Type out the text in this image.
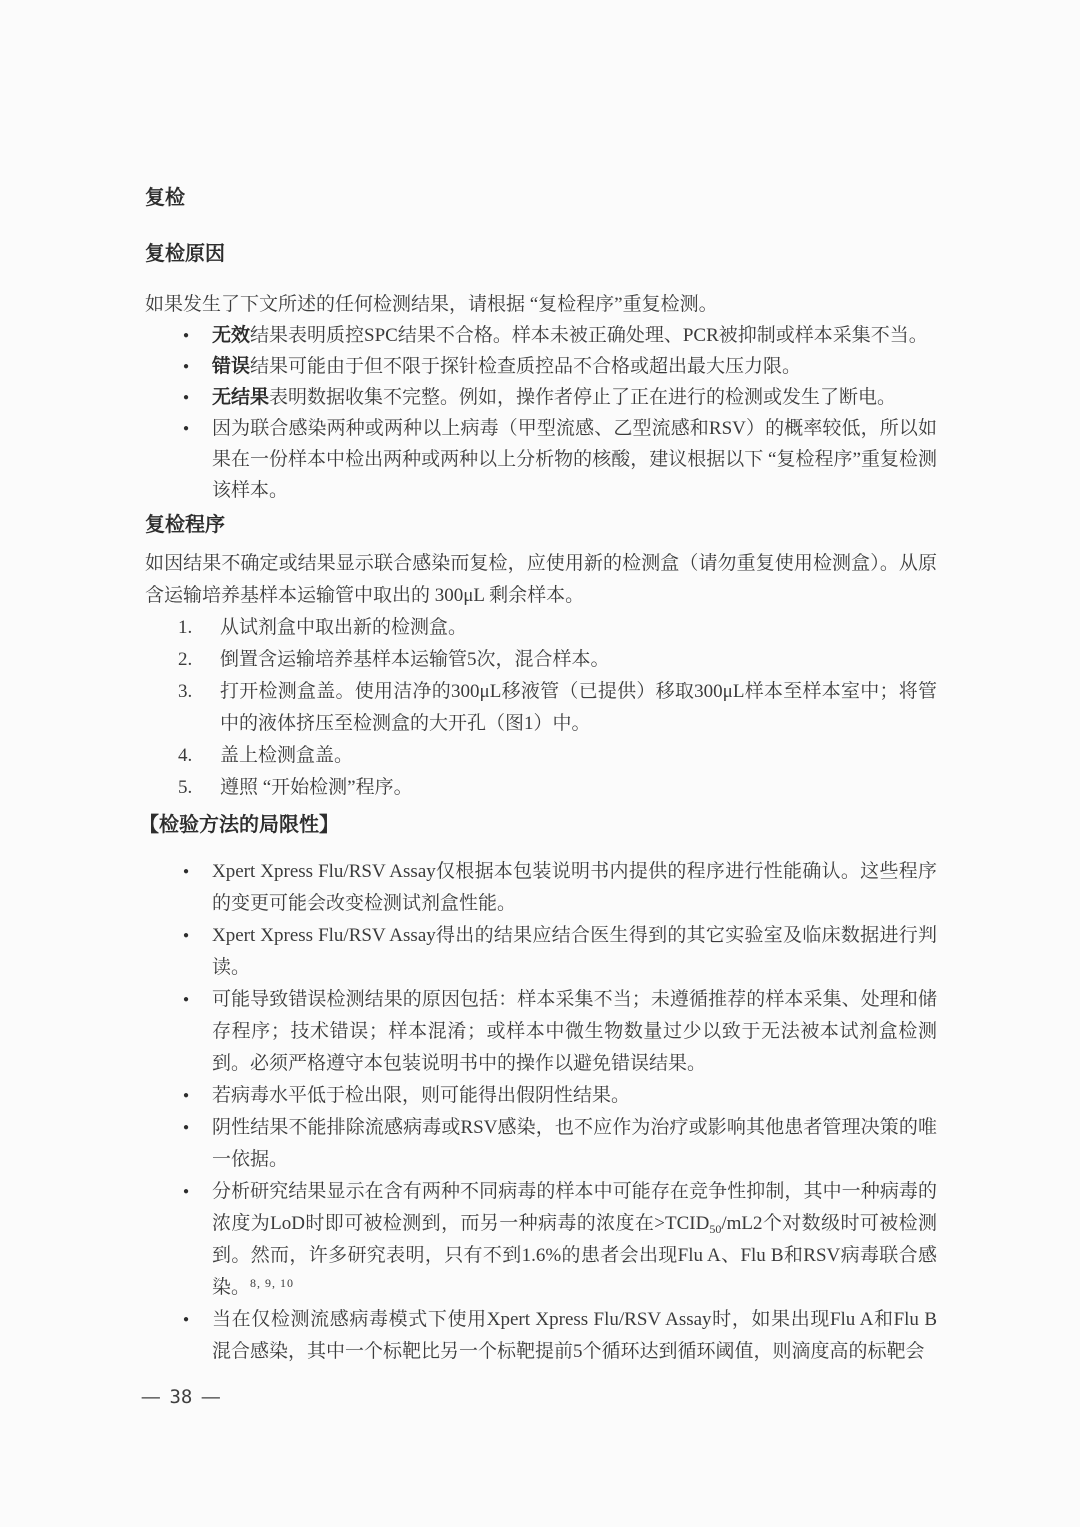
复检
复检原因

如果发生了下文所述的任何检测结果，请根据 “复检程序”重复检测。

●	无效结果表明质控SPC结果不合格。样本未被正确处理、PCR被抑制或样本采集不当。
●	错误结果可能由于但不限于探针检查质控品不合格或超出最大压力限。
●	无结果表明数据收集不完整。例如，操作者停止了正在进行的检测或发生了断电。
●	因为联合感染两种或两种以上病毒（甲型流感、乙型流感和RSV）的概率较低，所以如果在一份样本中检出两种或两种以上分析物的核酸，建议根据以下 “复检程序”重复检测该样本。
复检程序

如因结果不确定或结果显示联合感染而复检，应使用新的检测盒（请勿重复使用检测盒）。从原含运输培养基样本运输管中取出的 300μL 剩余样本。

1.	从试剂盒中取出新的检测盒。
2.	倒置含运输培养基样本运输管5次，混合样本。
3.	打开检测盒盖。使用洁净的300μL移液管（已提供）移取300μL样本至样本室中；将管中的液体挤压至检测盒的大开孔（图1）中。
4.	盖上检测盒盖。
5.	遵照 “开始检测”程序。
【检验方法的局限性】
●	Xpert Xpress Flu/RSV Assay仅根据本包装说明书内提供的程序进行性能确认。这些程序的变更可能会改变检测试剂盒性能。
●	Xpert Xpress Flu/RSV Assay得出的结果应结合医生得到的其它实验室及临床数据进行判读。
●	可能导致错误检测结果的原因包括：样本采集不当；未遵循推荐的样本采集、处理和储存程序；技术错误；样本混淆；或样本中微生物数量过少以致于无法被本试剂盒检测到。必须严格遵守本包装说明书中的操作以避免错误结果。
●	若病毒水平低于检出限，则可能得出假阴性结果。
●	阴性结果不能排除流感病毒或RSV感染，也不应作为治疗或影响其他患者管理决策的唯一依据。
●	分析研究结果显示在含有两种不同病毒的样本中可能存在竞争性抑制，其中一种病毒的浓度为LoD时即可被检测到，而另一种病毒的浓度在$>TCID_{50}/mL2$个对数级时可被检测到。然而，许多研究表明，只有不到1.6%的患者会出现Flu A、Flu B和RSV病毒联合感染。$^{8, 9, 10}$
●	当在仅检测流感病毒模式下使用Xpert Xpress Flu/RSV Assay时，如果出现Flu A和Flu B混合感染，其中一个标靶比另一个标靶提前5个循环达到循环阈值，则滴度高的标靶会
— 38 —
